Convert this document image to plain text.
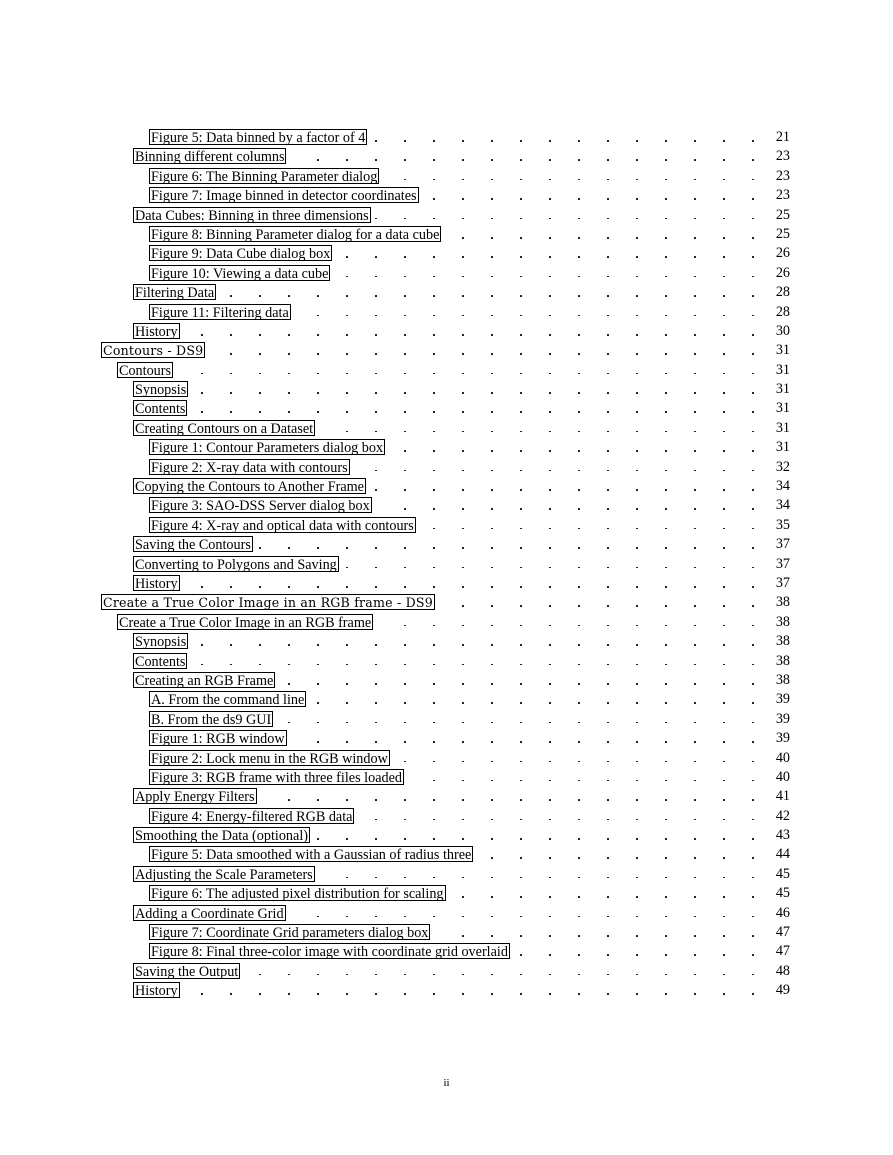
Figure 5: Data binned by a factor of 4	21
Binning different columns	23
Figure 6: The Binning Parameter dialog	23
Figure 7: Image binned in detector coordinates	23
Data Cubes: Binning in three dimensions	25
Figure 8: Binning Parameter dialog for a data cube	25
Figure 9: Data Cube dialog box	26
Figure 10: Viewing a data cube	26
Filtering Data	28
Figure 11: Filtering data	28
History	30
Contours - DS9	31
Contours	31
Synopsis	31
Contents	31
Creating Contours on a Dataset	31
Figure 1: Contour Parameters dialog box	31
Figure 2: X-ray data with contours	32
Copying the Contours to Another Frame	34
Figure 3: SAO-DSS Server dialog box	34
Figure 4: X-ray and optical data with contours	35
Saving the Contours	37
Converting to Polygons and Saving	37
History	37
Create a True Color Image in an RGB frame - DS9	38
Create a True Color Image in an RGB frame	38
Synopsis	38
Contents	38
Creating an RGB Frame	38
A. From the command line	39
B. From the ds9 GUI	39
Figure 1: RGB window	39
Figure 2: Lock menu in the RGB window	40
Figure 3: RGB frame with three files loaded	40
Apply Energy Filters	41
Figure 4: Energy-filtered RGB data	42
Smoothing the Data (optional)	43
Figure 5: Data smoothed with a Gaussian of radius three	44
Adjusting the Scale Parameters	45
Figure 6: The adjusted pixel distribution for scaling	45
Adding a Coordinate Grid	46
Figure 7: Coordinate Grid parameters dialog box	47
Figure 8: Final three-color image with coordinate grid overlaid	47
Saving the Output	48
History	49
ii
